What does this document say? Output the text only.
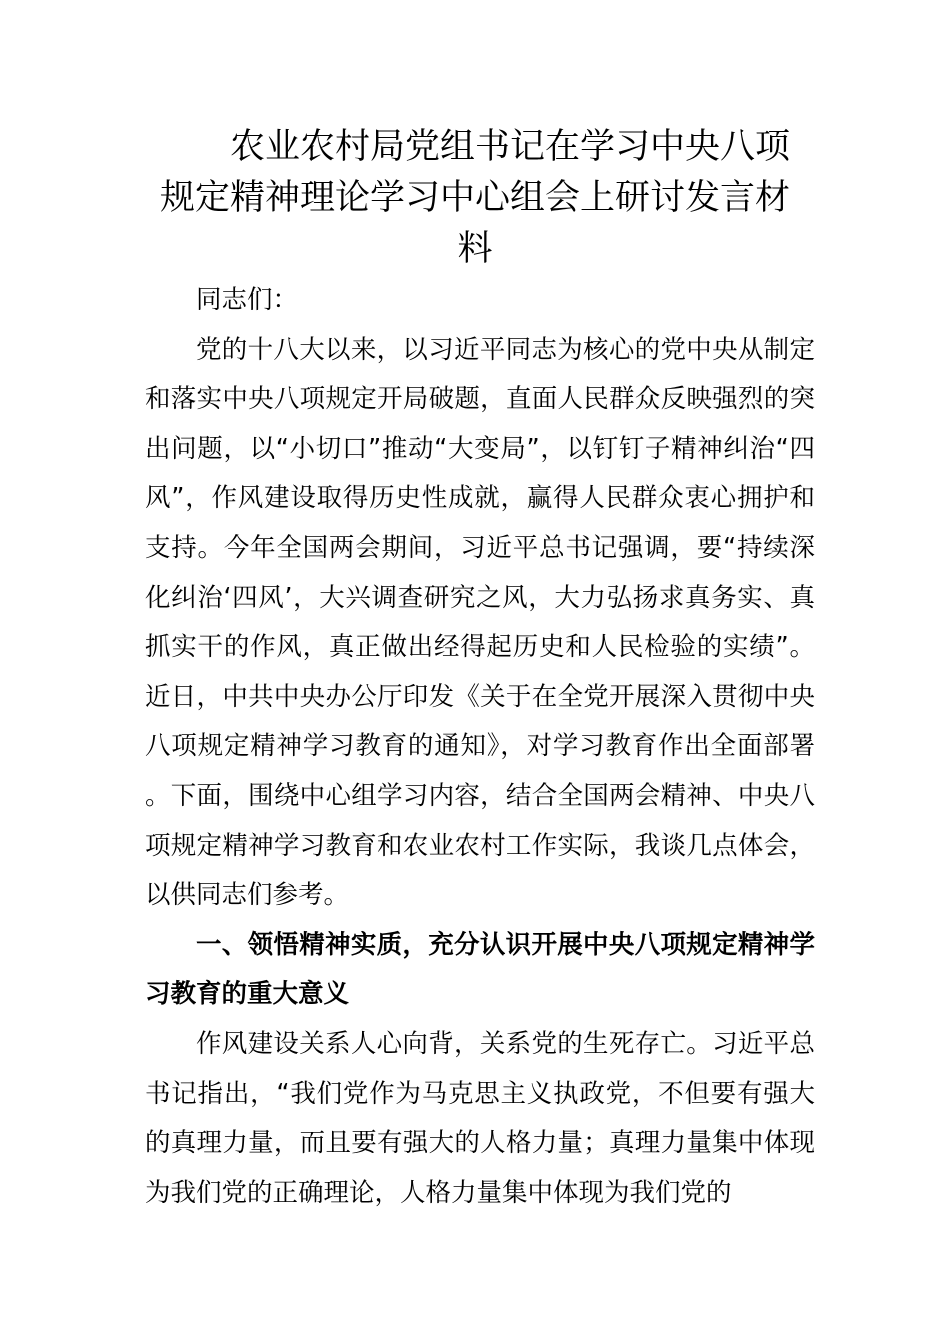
农业农村局党组书记在学习中央八项
规定精神理论学习中心组会上研讨发言材
料

同志们：

党的十八大以来，以习近平同志为核心的党中央从制定和落实中央八项规定开局破题，直面人民群众反映强烈的突出问题，以“小切口”推动“大变局”，以钉钉子精神纠治“四风”，作风建设取得历史性成就，赢得人民群众衷心拥护和支持。今年全国两会期间，习近平总书记强调，要“持续深化纠治‘四风’，大兴调查研究之风，大力弘扬求真务实、真抓实干的作风，真正做出经得起历史和人民检验的实绩”。近日，中共中央办公厅印发《关于在全党开展深入贯彻中央八项规定精神学习教育的通知》，对学习教育作出全面部署。下面，围绕中心组学习内容，结合全国两会精神、中央八项规定精神学习教育和农业农村工作实际，我谈几点体会，以供同志们参考。

一、领悟精神实质，充分认识开展中央八项规定精神学习教育的重大意义

作风建设关系人心向背，关系党的生死存亡。习近平总书记指出，“我们党作为马克思主义执政党，不但要有强大的真理力量，而且要有强大的人格力量；真理力量集中体现为我们党的正确理论，人格力量集中体现为我们党的
